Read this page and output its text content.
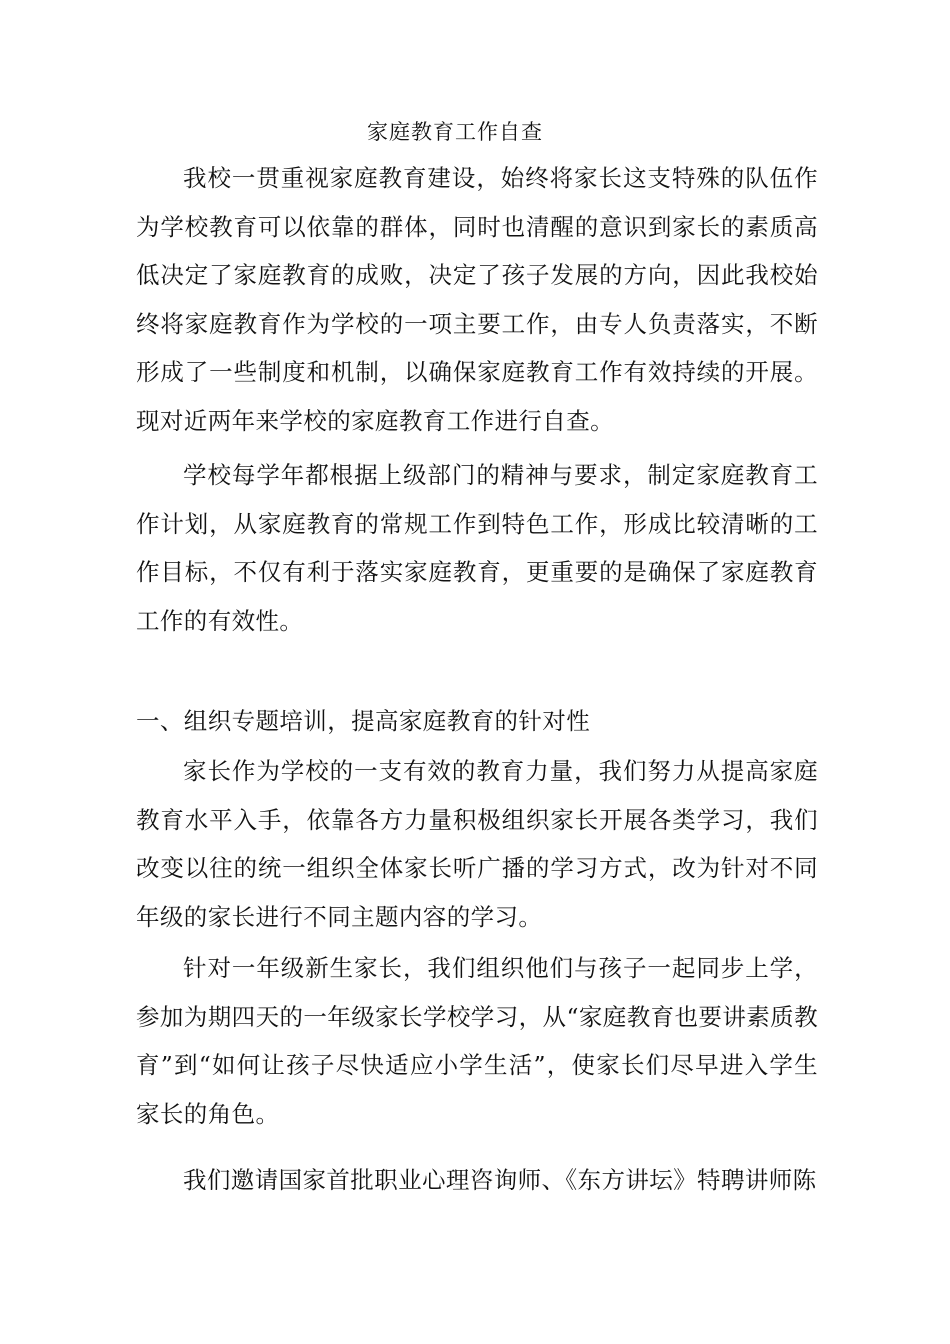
家庭教育工作自查

我校一贯重视家庭教育建设，始终将家长这支特殊的队伍作为学校教育可以依靠的群体，同时也清醒的意识到家长的素质高低决定了家庭教育的成败，决定了孩子发展的方向，因此我校始终将家庭教育作为学校的一项主要工作，由专人负责落实，不断形成了一些制度和机制，以确保家庭教育工作有效持续的开展。现对近两年来学校的家庭教育工作进行自查。

学校每学年都根据上级部门的精神与要求，制定家庭教育工作计划，从家庭教育的常规工作到特色工作，形成比较清晰的工作目标，不仅有利于落实家庭教育，更重要的是确保了家庭教育工作的有效性。

一、组织专题培训，提高家庭教育的针对性

家长作为学校的一支有效的教育力量，我们努力从提高家庭教育水平入手，依靠各方力量积极组织家长开展各类学习，我们改变以往的统一组织全体家长听广播的学习方式，改为针对不同年级的家长进行不同主题内容的学习。

针对一年级新生家长，我们组织他们与孩子一起同步上学，参加为期四天的一年级家长学校学习，从“家庭教育也要讲素质教育”到“如何让孩子尽快适应小学生活”，使家长们尽早进入学生家长的角色。

我们邀请国家首批职业心理咨询师、《东方讲坛》特聘讲师陈
